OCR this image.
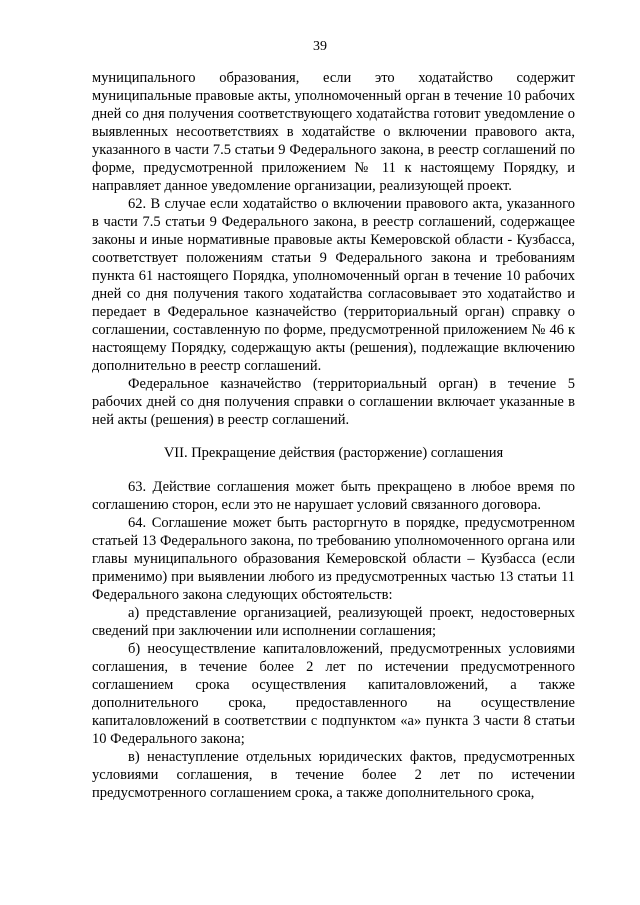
39

муниципального образования, если это ходатайство содержит муниципальные правовые акты, уполномоченный орган в течение 10 рабочих дней со дня получения соответствующего ходатайства готовит уведомление о выявленных несоответствиях в ходатайстве о включении правового акта, указанного в части 7.5 статьи 9 Федерального закона, в реестр соглашений по форме, предусмотренной приложением № 11 к настоящему Порядку, и направляет данное уведомление организации, реализующей проект.

62. В случае если ходатайство о включении правового акта, указанного в части 7.5 статьи 9 Федерального закона, в реестр соглашений, содержащее законы и иные нормативные правовые акты Кемеровской области - Кузбасса, соответствует положениям статьи 9 Федерального закона и требованиям пункта 61 настоящего Порядка, уполномоченный орган в течение 10 рабочих дней со дня получения такого ходатайства согласовывает это ходатайство и передает в Федеральное казначейство (территориальный орган) справку о соглашении, составленную по форме, предусмотренной приложением № 46 к настоящему Порядку, содержащую акты (решения), подлежащие включению дополнительно в реестр соглашений.

Федеральное казначейство (территориальный орган) в течение 5 рабочих дней со дня получения справки о соглашении включает указанные в ней акты (решения) в реестр соглашений.

VII. Прекращение действия (расторжение) соглашения

63. Действие соглашения может быть прекращено в любое время по соглашению сторон, если это не нарушает условий связанного договора.

64. Соглашение может быть расторгнуто в порядке, предусмотренном статьей 13 Федерального закона, по требованию уполномоченного органа или главы муниципального образования Кемеровской области – Кузбасса (если применимо) при выявлении любого из предусмотренных частью 13 статьи 11 Федерального закона следующих обстоятельств:

а) представление организацией, реализующей проект, недостоверных сведений при заключении или исполнении соглашения;

б) неосуществление капиталовложений, предусмотренных условиями соглашения, в течение более 2 лет по истечении предусмотренного соглашением срока осуществления капиталовложений, а также дополнительного срока, предоставленного на осуществление капиталовложений в соответствии с подпунктом «а» пункта 3 части 8 статьи 10 Федерального закона;

в) ненаступление отдельных юридических фактов, предусмотренных условиями соглашения, в течение более 2 лет по истечении предусмотренного соглашением срока, а также дополнительного срока,
